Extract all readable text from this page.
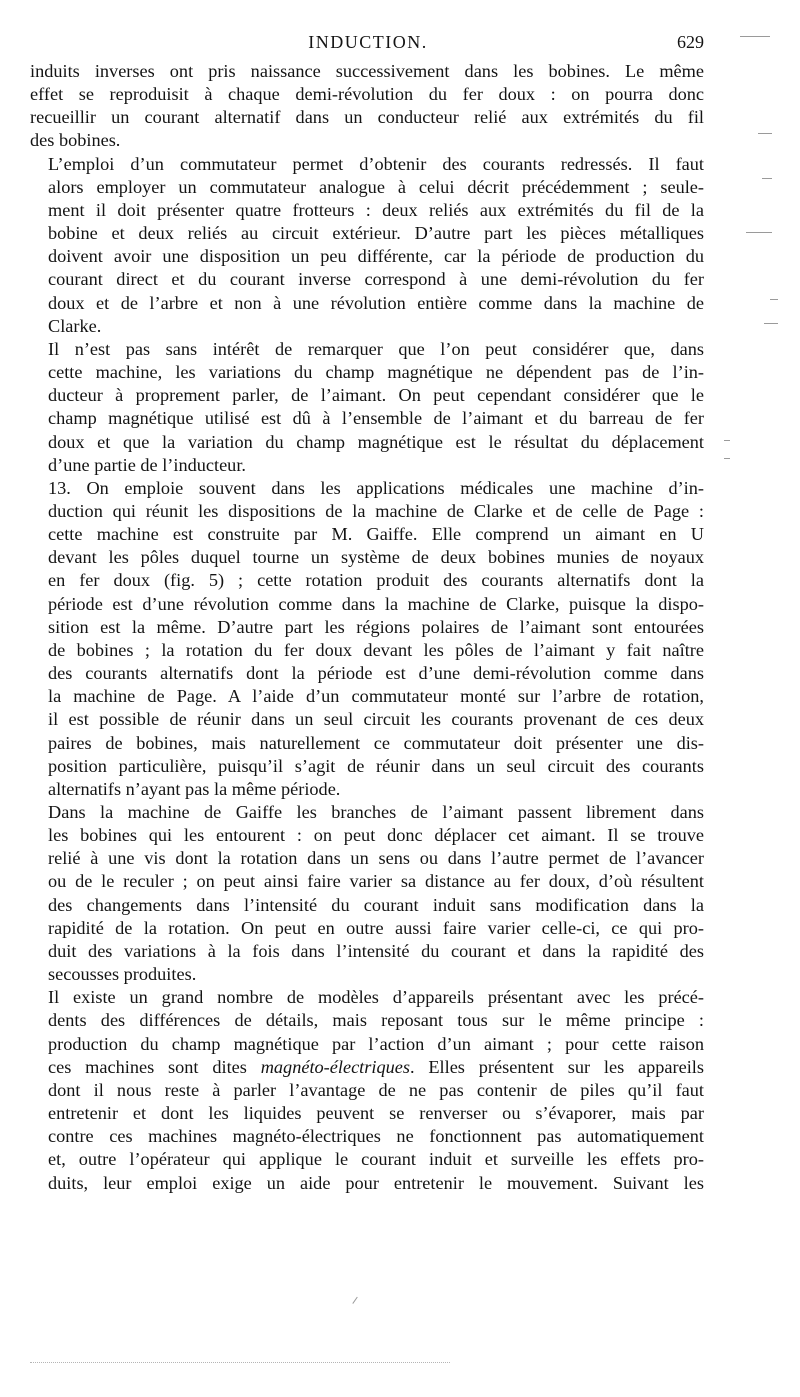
INDUCTION.	629

induits inverses ont pris naissance successivement dans les bobines. Le même
effet se reproduisit à chaque demi-révolution du fer doux : on pourra donc
recueillir un courant alternatif dans un conducteur relié aux extrémités du fil
des bobines.

L’emploi d’un commutateur permet d’obtenir des courants redressés. Il faut
alors employer un commutateur analogue à celui décrit précédemment ; seule-
ment il doit présenter quatre frotteurs : deux reliés aux extrémités du fil de la
bobine et deux reliés au circuit extérieur. D’autre part les pièces métalliques
doivent avoir une disposition un peu différente, car la période de production du
courant direct et du courant inverse correspond à une demi-révolution du fer
doux et de l’arbre et non à une révolution entière comme dans la machine de
Clarke.

Il n’est pas sans intérêt de remarquer que l’on peut considérer que, dans
cette machine, les variations du champ magnétique ne dépendent pas de l’in-
ducteur à proprement parler, de l’aimant. On peut cependant considérer que le
champ magnétique utilisé est dû à l’ensemble de l’aimant et du barreau de fer
doux et que la variation du champ magnétique est le résultat du déplacement
d’une partie de l’inducteur.

13. On emploie souvent dans les applications médicales une machine d’in-
duction qui réunit les dispositions de la machine de Clarke et de celle de Page :
cette machine est construite par M. Gaiffe. Elle comprend un aimant en U
devant les pôles duquel tourne un système de deux bobines munies de noyaux
en fer doux (fig. 5) ; cette rotation produit des courants alternatifs dont la
période est d’une révolution comme dans la machine de Clarke, puisque la dispo-
sition est la même. D’autre part les régions polaires de l’aimant sont entourées
de bobines ; la rotation du fer doux devant les pôles de l’aimant y fait naître
des courants alternatifs dont la période est d’une demi-révolution comme dans
la machine de Page. A l’aide d’un commutateur monté sur l’arbre de rotation,
il est possible de réunir dans un seul circuit les courants provenant de ces deux
paires de bobines, mais naturellement ce commutateur doit présenter une dis-
position particulière, puisqu’il s’agit de réunir dans un seul circuit des courants
alternatifs n’ayant pas la même période.

Dans la machine de Gaiffe les branches de l’aimant passent librement dans
les bobines qui les entourent : on peut donc déplacer cet aimant. Il se trouve
relié à une vis dont la rotation dans un sens ou dans l’autre permet de l’avancer
ou de le reculer ; on peut ainsi faire varier sa distance au fer doux, d’où résultent
des changements dans l’intensité du courant induit sans modification dans la
rapidité de la rotation. On peut en outre aussi faire varier celle-ci, ce qui pro-
duit des variations à la fois dans l’intensité du courant et dans la rapidité des
secousses produites.

Il existe un grand nombre de modèles d’appareils présentant avec les précé-
dents des différences de détails, mais reposant tous sur le même principe :
production du champ magnétique par l’action d’un aimant ; pour cette raison
ces machines sont dites magnéto-électriques. Elles présentent sur les appareils
dont il nous reste à parler l’avantage de ne pas contenir de piles qu’il faut
entretenir et dont les liquides peuvent se renverser ou s’évaporer, mais par
contre ces machines magnéto-électriques ne fonctionnent pas automatiquement
et, outre l’opérateur qui applique le courant induit et surveille les effets pro-
duits, leur emploi exige un aide pour entretenir le mouvement. Suivant les
